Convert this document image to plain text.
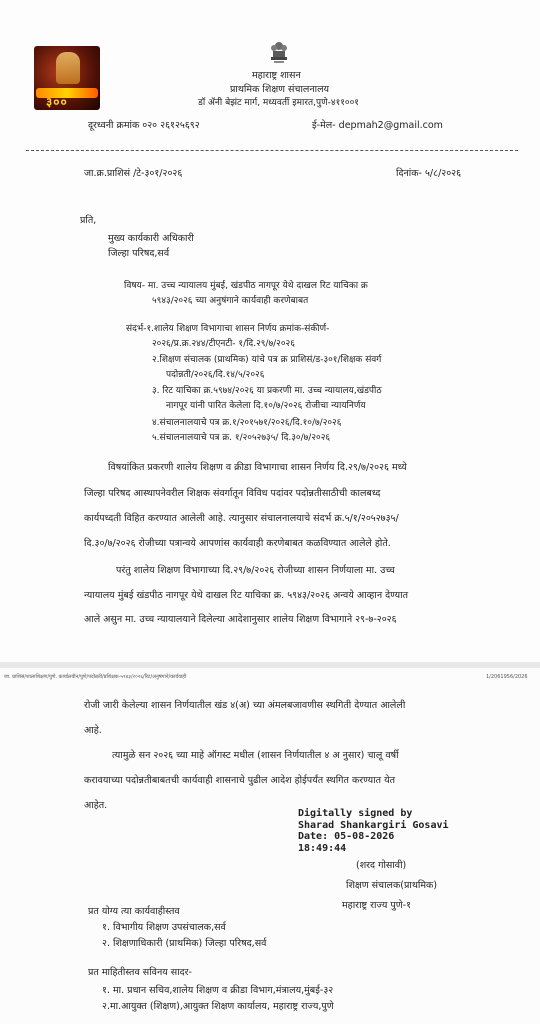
३००
महाराष्ट्र शासन
प्राथमिक शिक्षण संचालनालय
डॉ ॲनी बेझंट मार्ग, मध्यवर्ती इमारत,पुणे-४११००१
दूरध्वनी क्रमांक ०२० २६१२५६९२	ई-मेल- depmah2@gmail.com
जा.क्र.प्राशिसं /टे-३०१/२०२६	दिनांक- ५/८/२०२६
प्रति,
मुख्य कार्यकारी अधिकारी
जिल्हा परिषद,सर्व
विषय- मा. उच्च न्यायालय मुंबई, खंडपीठ नागपूर येथे दाखल रिट याचिका क्र
५९४३/२०२६ च्या अनुषंगाने कार्यवाही करणेबाबत
संदर्भ-१.शालेय शिक्षण विभागाचा शासन निर्णय क्रमांक-संकीर्ण-
२०२६/प्र.क्र.२४४/टीएनटी- १/दि.२९/७/२०२६
२.शिक्षण संचालक (प्राथमिक) यांचे पत्र क्र प्राशिसं/ड-३०१/शिक्षक संवर्ग
पदोन्नती/२०२६/दि.१४/५/२०२६
३. रिट याचिका क्र.५९७४/२०२६ या प्रकरणी मा. उच्च न्यायालय,खंडपीठ
नागपूर यांनी पारित केलेला दि.१०/७/२०२६ रोजीचा न्यायनिर्णय
४.संचालनालयाचे पत्र क्र.१/२०१५७१/२०२६/दि.१०/७/२०२६
५.संचालनालयाचे पत्र क्र. १/२०५२७३५/ दि.३०/७/२०२६
विषयांकित प्रकरणी शालेय शिक्षण व क्रीडा विभागाचा शासन निर्णय दि.२९/७/२०२६ मध्ये
जिल्हा परिषद आस्थापनेवरील शिक्षक संवर्गातून विविध पदांवर पदोन्नतीसाठीची कालबध्द
कार्यपध्दती विहित करण्यात आलेली आहे. त्यानुसार संचालनालयाचे संदर्भ क्र.५/१/२०५२७३५/
दि.३०/७/२०२६ रोजीच्या पत्रान्वये आपणांस कार्यवाही करणेबाबत कळविण्यात आलेले होते.
परंतु शालेय शिक्षण विभागाच्या दि.२९/७/२०२६ रोजीच्या शासन निर्णयाला मा. उच्च
न्यायालय मुंबई खंडपीठ नागपूर येथे दाखल रिट याचिका क्र. ५९४३/२०२६ अन्वये आव्हान देण्यात
आले असुन मा. उच्च न्यायालयाने दिलेल्या आदेशानुसार शालेय शिक्षण विभागाने २९-७-२०२६
जा. प्राशिसं/शालाशिक्षण/पुणे. कार्यालयीन/पुणे/पदोन्नती/प्रशिक्षक-५९४३/२०२६/रिट/अनुषंगाने/कार्यवाही	1/2061956/2026
रोजी जारी केलेल्या शासन निर्णयातील खंड ४(अ) च्या अंमलबजावणीस स्थगिती देण्यात आलेली
आहे.
त्यामुळे सन २०२६ च्या माहे ऑगस्ट मधील (शासन निर्णयातील ४ अ नुसार) चालू वर्षी
करावयाच्या पदोन्नतीबाबतची कार्यवाही शासनाचे पुढील आदेश होईपर्यंत स्थगित करण्यात येत
आहेत.
Digitally signed by
Sharad Shankargiri Gosavi
Date: 05-08-2026
18:49:44
(शरद गोसावी)
शिक्षण संचालक(प्राथमिक)
महाराष्ट्र राज्य पुणे-१
प्रत योग्य त्या कार्यवाहीस्तव
१. विभागीय शिक्षण उपसंचालक,सर्व
२. शिक्षणाधिकारी (प्राथमिक) जिल्हा परिषद,सर्व
प्रत माहितीस्तव सविनय सादर-
१. मा. प्रधान सचिव,शालेय शिक्षण व क्रीडा विभाग,मंत्रालय,मुंबई-३२
२.मा.आयुक्त (शिक्षण),आयुक्त शिक्षण कार्यालय, महाराष्ट्र राज्य,पुणे
